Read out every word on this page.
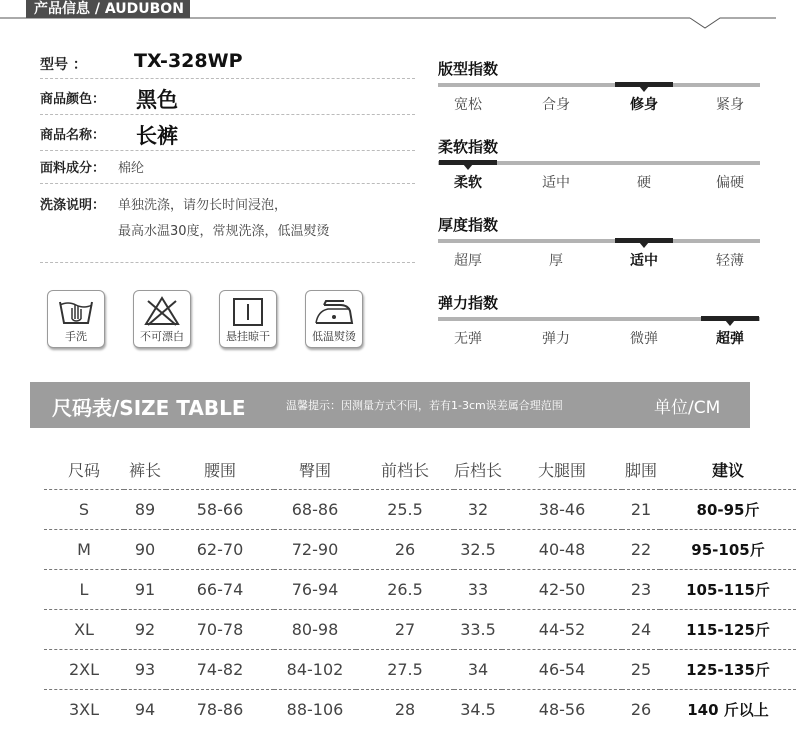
产品信息 / AUDUBON
型号 ： TX-328WP
商品颜色： 黑色
商品名称： 长裤
面料成分： 棉纶
洗涤说明： 单独洗涤，请勿长时间浸泡，
最高水温30度，常规洗涤，低温熨烫
手洗	不可漂白	悬挂晾干	低温熨烫
版型指数
宽松	合身	修身	紧身
柔软指数
柔软	适中	硬	偏硬
厚度指数
超厚	厚	适中	轻薄
弹力指数
无弹	弹力	微弹	超弹
尺码表/SIZE TABLE	温馨提示：因测量方式不同，若有1-3cm误差属合理范围	单位/CM
尺码	裤长	腰围	臀围	前档长	后档长	大腿围	脚围	建议
S	89	58-66	68-86	25.5	32	38-46	21	80-95斤
M	90	62-70	72-90	26	32.5	40-48	22	95-105斤
L	91	66-74	76-94	26.5	33	42-50	23	105-115斤
XL	92	70-78	80-98	27	33.5	44-52	24	115-125斤
2XL	93	74-82	84-102	27.5	34	46-54	25	125-135斤
3XL	94	78-86	88-106	28	34.5	48-56	26	140 斤以上
